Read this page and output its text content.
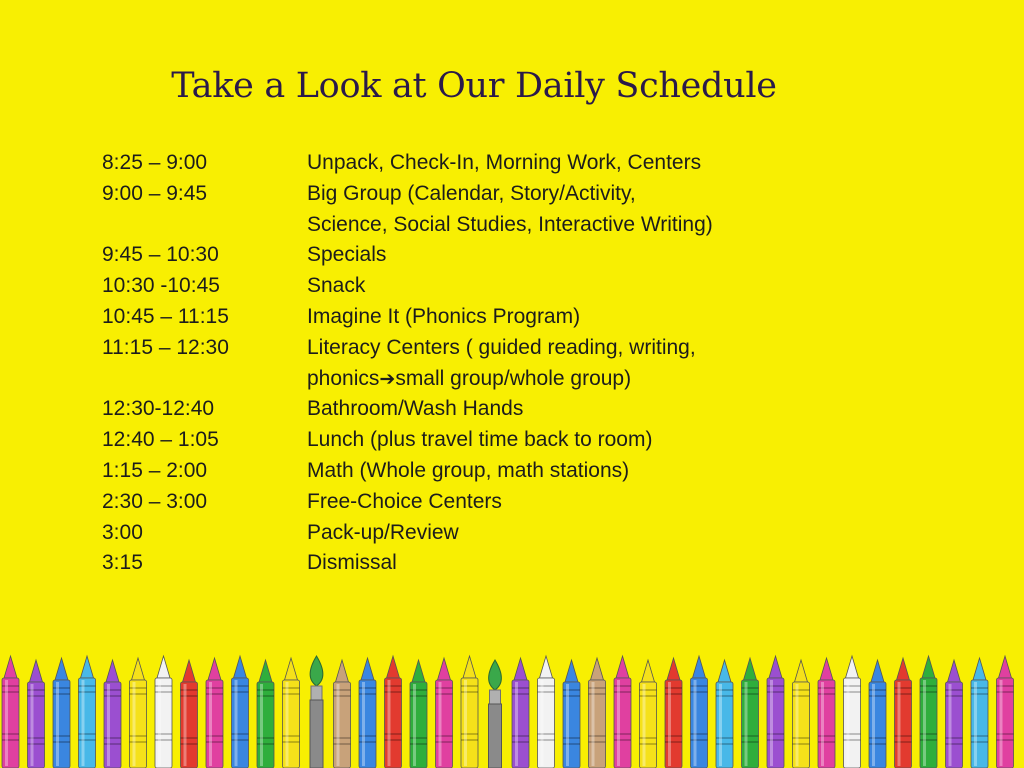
Take a Look at Our Daily Schedule
8:25 – 9:00	Unpack, Check-In, Morning Work, Centers
9:00 – 9:45	Big Group (Calendar, Story/Activity,
Science, Social Studies, Interactive Writing)
9:45 – 10:30	Specials
10:30 -10:45	Snack
10:45 – 11:15	Imagine It (Phonics Program)
11:15 – 12:30	Literacy Centers ( guided reading, writing,
phonics➔small group/whole group)
12:30-12:40	Bathroom/Wash Hands
12:40 – 1:05	Lunch (plus travel time back to room)
1:15 – 2:00	Math (Whole group, math stations)
2:30 – 3:00	Free-Choice Centers
3:00	Pack-up/Review
3:15	Dismissal
